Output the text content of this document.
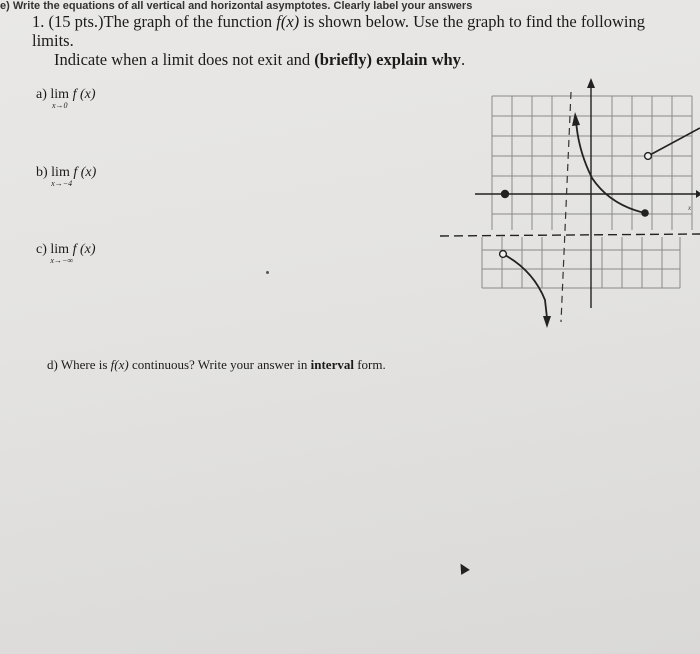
1. (15 pts.)The graph of the function f(x) is shown below. Use the graph to find the following limits.
Indicate when a limit does not exit and (briefly) explain why.
a) lim
x→0
f (x)
b) lim
x→−4
f (x)
c) lim
x→−∞
f (x)
d) Where is f(x) continuous? Write your answer in interval form.
e) Write the equations of all vertical and horizontal asymptotes. Clearly label your answers
x
